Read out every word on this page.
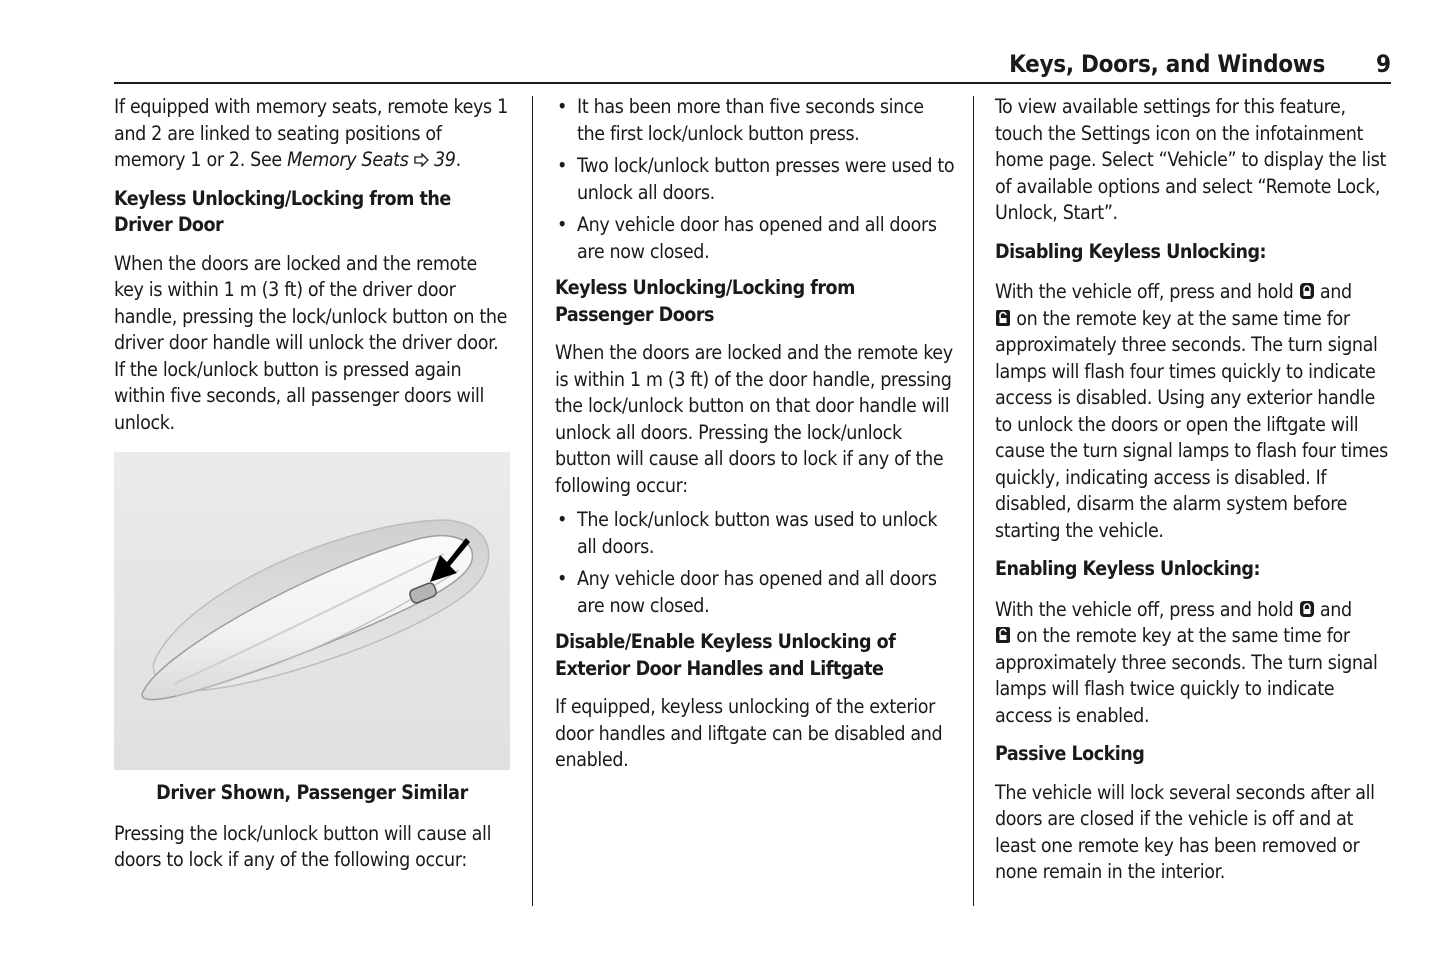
Keys, Doors, and Windows 9

If equipped with memory seats, remote keys 1 and 2 are linked to seating positions of memory 1 or 2. See Memory Seats  39.

Keyless Unlocking/Locking from the Driver Door

When the doors are locked and the remote key is within 1 m (3 ft) of the driver door handle, pressing the lock/unlock button on the driver door handle will unlock the driver door. If the lock/unlock button is pressed again within five seconds, all passenger doors will unlock.

Driver Shown, Passenger Similar

Pressing the lock/unlock button will cause all doors to lock if any of the following occur:

• It has been more than five seconds since the first lock/unlock button press.
• Two lock/unlock button presses were used to unlock all doors.
• Any vehicle door has opened and all doors are now closed.
Keyless Unlocking/Locking from Passenger Doors

When the doors are locked and the remote key is within 1 m (3 ft) of the door handle, pressing the lock/unlock button on that door handle will unlock all doors. Pressing the lock/unlock button will cause all doors to lock if any of the following occur:

• The lock/unlock button was used to unlock all doors.
• Any vehicle door has opened and all doors are now closed.
Disable/Enable Keyless Unlocking of Exterior Door Handles and Liftgate

If equipped, keyless unlocking of the exterior door handles and liftgate can be disabled and enabled.

To view available settings for this feature, touch the Settings icon on the infotainment home page. Select “Vehicle” to display the list of available options and select “Remote Lock, Unlock, Start”.

Disabling Keyless Unlocking:

With the vehicle off, press and hold  and
on the remote key at the same time for approximately three seconds. The turn signal lamps will flash four times quickly to indicate access is disabled. Using any exterior handle to unlock the doors or open the liftgate will cause the turn signal lamps to flash four times quickly, indicating access is disabled. If disabled, disarm the alarm system before starting the vehicle.

Enabling Keyless Unlocking:

With the vehicle off, press and hold  and
on the remote key at the same time for approximately three seconds. The turn signal lamps will flash twice quickly to indicate access is enabled.

Passive Locking

The vehicle will lock several seconds after all doors are closed if the vehicle is off and at least one remote key has been removed or none remain in the interior.
